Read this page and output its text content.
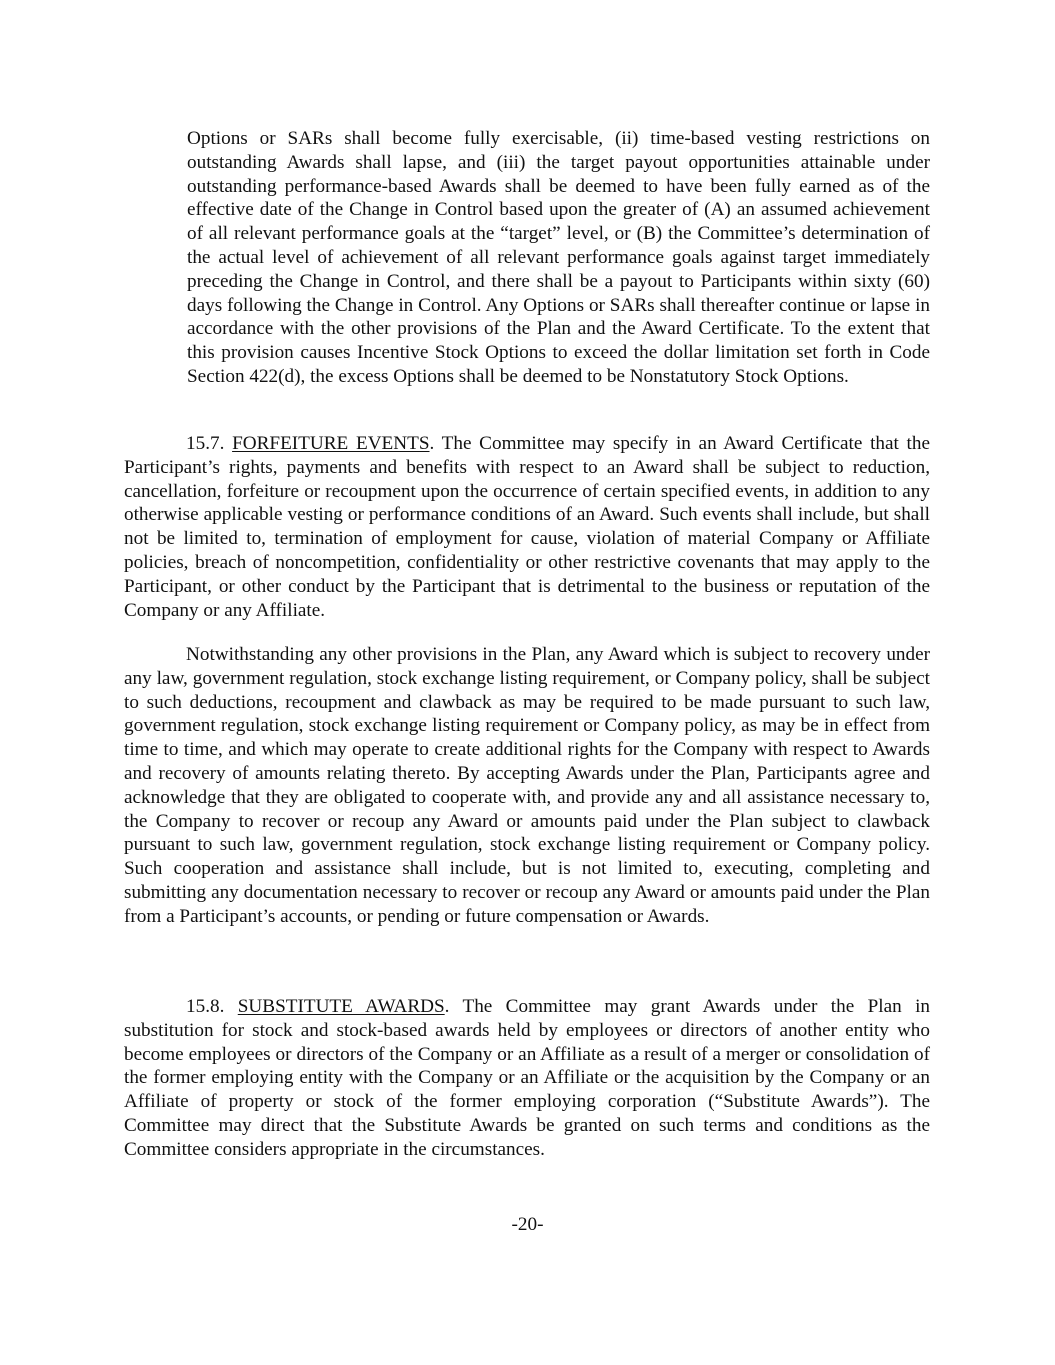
Options or SARs shall become fully exercisable, (ii) time-based vesting restrictions on outstanding Awards shall lapse, and (iii) the target payout opportunities attainable under outstanding performance-based Awards shall be deemed to have been fully earned as of the effective date of the Change in Control based upon the greater of (A) an assumed achievement of all relevant performance goals at the “target” level, or (B) the Committee’s determination of the actual level of achievement of all relevant performance goals against target immediately preceding the Change in Control, and there shall be a payout to Participants within sixty (60) days following the Change in Control. Any Options or SARs shall thereafter continue or lapse in accordance with the other provisions of the Plan and the Award Certificate. To the extent that this provision causes Incentive Stock Options to exceed the dollar limitation set forth in Code Section 422(d), the excess Options shall be deemed to be Nonstatutory Stock Options.

15.7. FORFEITURE EVENTS. The Committee may specify in an Award Certificate that the Participant’s rights, payments and benefits with respect to an Award shall be subject to reduction, cancellation, forfeiture or recoupment upon the occurrence of certain specified events, in addition to any otherwise applicable vesting or performance conditions of an Award. Such events shall include, but shall not be limited to, termination of employment for cause, violation of material Company or Affiliate policies, breach of noncompetition, confidentiality or other restrictive covenants that may apply to the Participant, or other conduct by the Participant that is detrimental to the business or reputation of the Company or any Affiliate.

Notwithstanding any other provisions in the Plan, any Award which is subject to recovery under any law, government regulation, stock exchange listing requirement, or Company policy, shall be subject to such deductions, recoupment and clawback as may be required to be made pursuant to such law, government regulation, stock exchange listing requirement or Company policy, as may be in effect from time to time, and which may operate to create additional rights for the Company with respect to Awards and recovery of amounts relating thereto. By accepting Awards under the Plan, Participants agree and acknowledge that they are obligated to cooperate with, and provide any and all assistance necessary to, the Company to recover or recoup any Award or amounts paid under the Plan subject to clawback pursuant to such law, government regulation, stock exchange listing requirement or Company policy. Such cooperation and assistance shall include, but is not limited to, executing, completing and submitting any documentation necessary to recover or recoup any Award or amounts paid under the Plan from a Participant’s accounts, or pending or future compensation or Awards.

15.8. SUBSTITUTE AWARDS. The Committee may grant Awards under the Plan in substitution for stock and stock-based awards held by employees or directors of another entity who become employees or directors of the Company or an Affiliate as a result of a merger or consolidation of the former employing entity with the Company or an Affiliate or the acquisition by the Company or an Affiliate of property or stock of the former employing corporation (“Substitute Awards”). The Committee may direct that the Substitute Awards be granted on such terms and conditions as the Committee considers appropriate in the circumstances.

-20-
